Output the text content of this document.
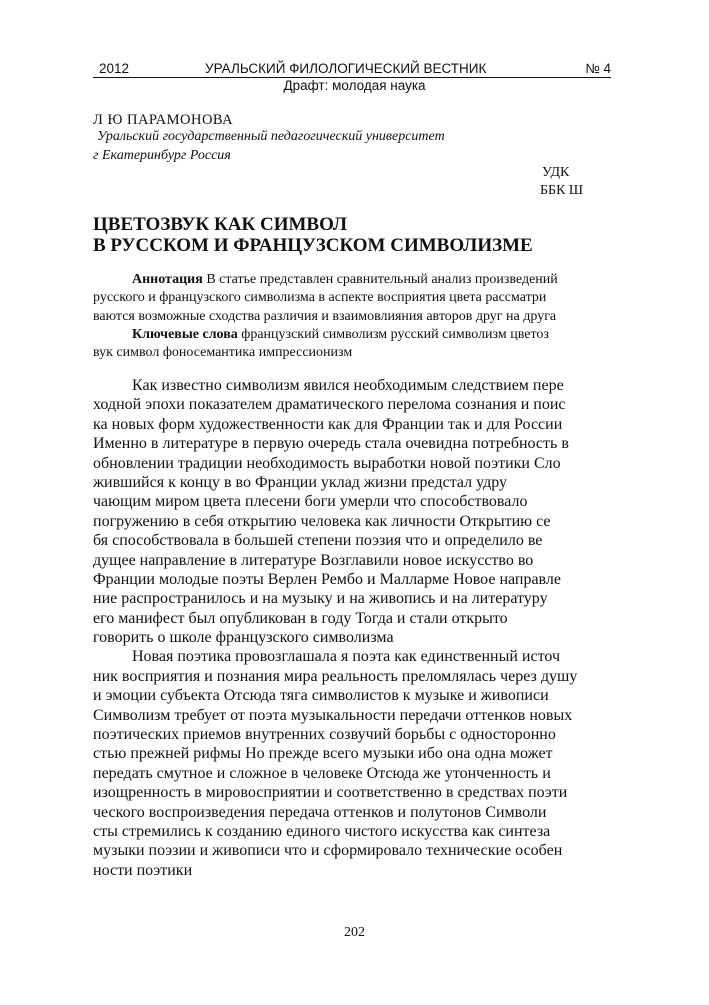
2012	УРАЛЬСКИЙ ФИЛОЛОГИЧЕСКИЙ ВЕСТНИК	№ 4
Драфт: молодая наука
Л Ю ПАРАМОНОВА
Уральский государственный педагогический университет
г Екатеринбург Россия
УДК
ББК Ш
ЦВЕТОЗВУК КАК СИМВОЛ
В РУССКОМ И ФРАНЦУЗСКОМ СИМВОЛИЗМЕ
Аннотация В статье представлен сравнительный анализ произведений
русского и французского символизма в аспекте восприятия цвета рассматри
ваются возможные сходства различия и взаимовлияния авторов друг на друга
Ключевые слова французский символизм русский символизм цветоз
вук символ фоносемантика импрессионизм
Как известно символизм явился необходимым следствием пере
ходной эпохи показателем драматического перелома сознания и поис
ка новых форм художественности как для Франции так и для России
Именно в литературе в первую очередь стала очевидна потребность в
обновлении традиции необходимость выработки новой поэтики Сло
жившийся к концу в во Франции уклад жизни предстал удру
чающим миром цвета плесени боги умерли что способствовало
погружению в себя открытию человека как личности Открытию се
бя способствовала в большей степени поэзия что и определило ве
дущее направление в литературе Возглавили новое искусство во
Франции молодые поэты Верлен Рембо и Малларме Новое направле
ние распространилось и на музыку и на живопись и на литературу
его манифест был опубликован в году Тогда и стали открыто
говорить о школе французского символизма
Новая поэтика провозглашала я поэта как единственный источ
ник восприятия и познания мира реальность преломлялась через душу
и эмоции субъекта Отсюда тяга символистов к музыке и живописи
Символизм требует от поэта музыкальности передачи оттенков новых
поэтических приемов внутренних созвучий борьбы с односторонно
стью прежней рифмы Но прежде всего музыки ибо она одна может
передать смутное и сложное в человеке Отсюда же утонченность и
изощренность в мировосприятии и соответственно в средствах поэти
ческого воспроизведения передача оттенков и полутонов Символи
сты стремились к созданию единого чистого искусства как синтеза
музыки поэзии и живописи что и сформировало технические особен
ности поэтики
202
